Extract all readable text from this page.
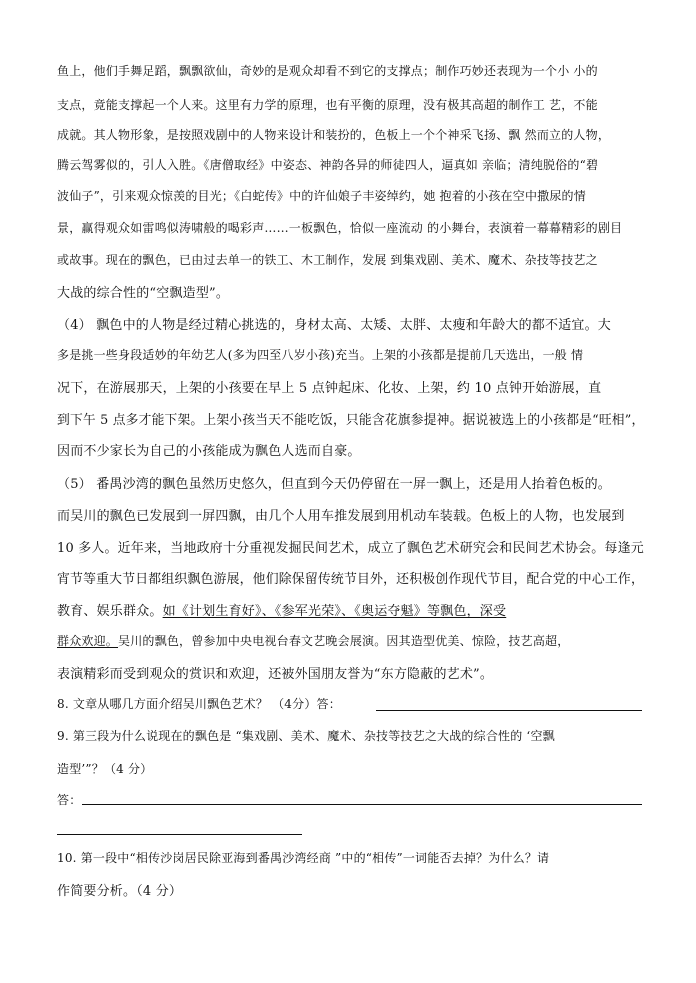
鱼上，他们手舞足蹈，飘飘欲仙，奇妙的是观众却看不到它的支撑点；制作巧妙还表现为一个小 小的
支点，竟能支撑起一个人来。这里有力学的原理，也有平衡的原理，没有极其高超的制作工 艺，不能
成就。其人物形象，是按照戏剧中的人物来设计和装扮的，色板上一个个神采飞扬、飘 然而立的人物，
腾云驾雾似的，引人入胜。《唐僧取经》中姿态、神韵各异的师徒四人，逼真如 亲临；清纯脱俗的“碧
波仙子”，引来观众惊羡的目光；《白蛇传》中的许仙娘子丰姿绰约，她 抱着的小孩在空中撒尿的情
景，赢得观众如雷鸣似涛啸般的喝彩声……一板飘色，恰似一座流动 的小舞台，表演着一幕幕精彩的剧目
或故事。现在的飘色，已由过去单一的铁工、木工制作，发展 到集戏剧、美术、魔术、杂技等技艺之
大战的综合性的“空飘造型”。
（4） 飘色中的人物是经过精心挑选的，身材太高、太矮、太胖、太瘦和年龄大的都不适宜。大
多是挑一些身段适妙的年幼艺人(多为四至八岁小孩)充当。上架的小孩都是提前几天选出，一般 情
况下，在游展那天，上架的小孩要在早上 5 点钟起床、化妆、上架，约 10 点钟开始游展，直
到下午 5 点多才能下架。上架小孩当天不能吃饭，只能含花旗参提神。据说被选上的小孩都是“旺相”，
因而不少家长为自己的小孩能成为飘色人选而自豪。
（5） 番禺沙湾的飘色虽然历史悠久，但直到今天仍停留在一屏一飘上，还是用人抬着色板的。
而吴川的飘色已发展到一屏四飘，由几个人用车推发展到用机动车装载。色板上的人物，也发展到
10 多人。近年来，当地政府十分重视发掘民间艺术，成立了飘色艺术研究会和民间艺术协会。每逢元
宵节等重大节日都组织飘色游展，他们除保留传统节目外，还积极创作现代节目，配合党的中心工作，
教育、娱乐群众。如《计划生育好》、《参军光荣》、《奥运夺魁》等飘色，深受
群众欢迎。吴川的飘色，曾参加中央电视台春文艺晚会展演。因其造型优美、惊险，技艺高超，
表演精彩而受到观众的赏识和欢迎，还被外国朋友誉为“东方隐蔽的艺术”。
8. 文章从哪几方面介绍吴川飘色艺术？ （4分）答：
9. 第三段为什么说现在的飘色是 “集戏剧、美术、魔术、杂技等技艺之大战的综合性的 ‘空飘
造型’”？（4 分）
答：
10. 第一段中“相传沙岗居民除亚海到番禺沙湾经商 ”中的“相传”一词能否去掉？为什么？请
作简要分析。（4 分）
